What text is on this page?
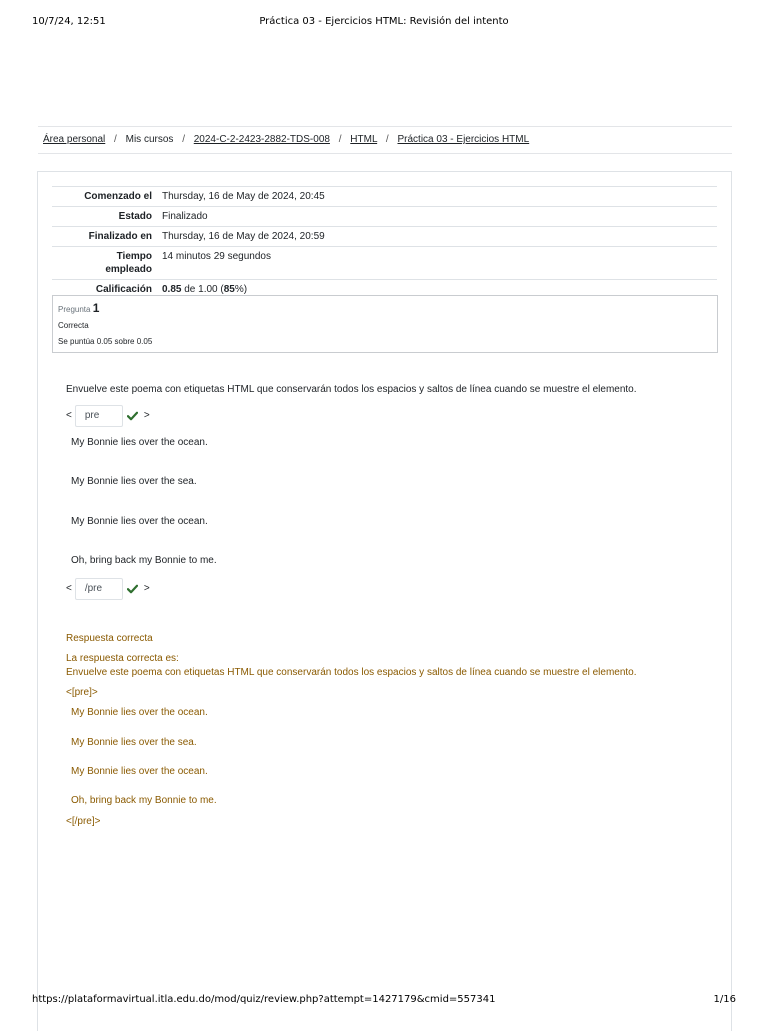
10/7/24, 12:51	Práctica 03 - Ejercicios HTML: Revisión del intento
Área personal / Mis cursos / 2024-C-2-2423-2882-TDS-008 / HTML / Práctica 03 - Ejercicios HTML
Comenzado el	Thursday, 16 de May de 2024, 20:45
Estado	Finalizado
Finalizado en	Thursday, 16 de May de 2024, 20:59
Tiempo
empleado	14 minutos 29 segundos
Calificación	0.85 de 1.00 (85%)
Pregunta 1
Correcta
Se puntúa 0.05 sobre 0.05
Envuelve este poema con etiquetas HTML que conservarán todos los espacios y saltos de línea cuando se muestre el elemento.
<	pre	>
My Bonnie lies over the ocean.
My Bonnie lies over the sea.
My Bonnie lies over the ocean.
Oh, bring back my Bonnie to me.
<	/pre	>
Respuesta correcta
La respuesta correcta es:
Envuelve este poema con etiquetas HTML que conservarán todos los espacios y saltos de línea cuando se muestre el elemento.
<[pre]>
My Bonnie lies over the ocean.
My Bonnie lies over the sea.
My Bonnie lies over the ocean.
Oh, bring back my Bonnie to me.
<[/pre]>
https://plataformavirtual.itla.edu.do/mod/quiz/review.php?attempt=1427179&cmid=557341	1/16
